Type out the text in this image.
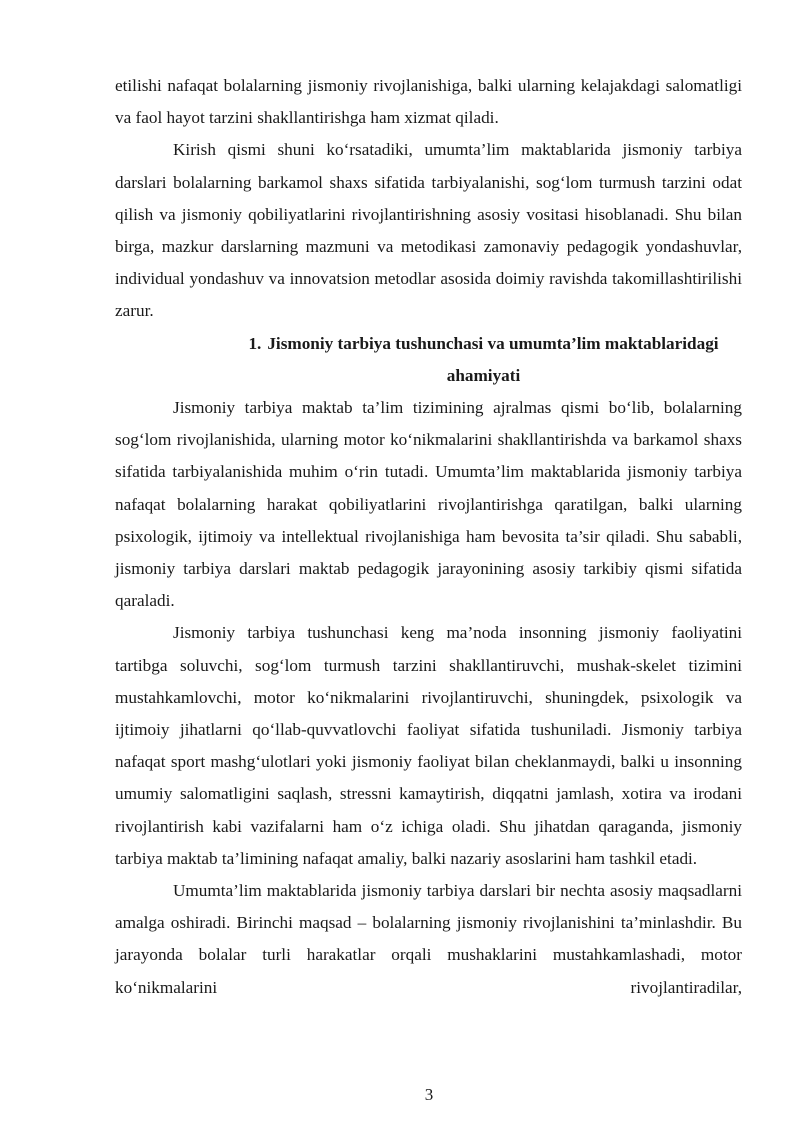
etilishi nafaqat bolalarning jismoniy rivojlanishiga, balki ularning kelajakdagi salomatligi va faol hayot tarzini shakllantirishga ham xizmat qiladi.

Kirish qismi shuni ko‘rsatadiki, umumta’lim maktablarida jismoniy tarbiya darslari bolalarning barkamol shaxs sifatida tarbiyalanishi, sog‘lom turmush tarzini odat qilish va jismoniy qobiliyatlarini rivojlantirishning asosiy vositasi hisoblanadi. Shu bilan birga, mazkur darslarning mazmuni va metodikasi zamonaviy pedagogik yondashuvlar, individual yondashuv va innovatsion metodlar asosida doimiy ravishda takomillashtirilishi zarur.

1. Jismoniy tarbiya tushunchasi va umumta’lim maktablaridagi ahamiyati

Jismoniy tarbiya maktab ta’lim tizimining ajralmas qismi bo‘lib, bolalarning sog‘lom rivojlanishida, ularning motor ko‘nikmalarini shakllantirishda va barkamol shaxs sifatida tarbiyalanishida muhim o‘rin tutadi. Umumta’lim maktablarida jismoniy tarbiya nafaqat bolalarning harakat qobiliyatlarini rivojlantirishga qaratilgan, balki ularning psixologik, ijtimoiy va intellektual rivojlanishiga ham bevosita ta’sir qiladi. Shu sababli, jismoniy tarbiya darslari maktab pedagogik jarayonining asosiy tarkibiy qismi sifatida qaraladi.

Jismoniy tarbiya tushunchasi keng ma’noda insonning jismoniy faoliyatini tartibga soluvchi, sog‘lom turmush tarzini shakllantiruvchi, mushak-skelet tizimini mustahkamlovchi, motor ko‘nikmalarini rivojlantiruvchi, shuningdek, psixologik va ijtimoiy jihatlarni qo‘llab-quvvatlovchi faoliyat sifatida tushuniladi. Jismoniy tarbiya nafaqat sport mashg‘ulotlari yoki jismoniy faoliyat bilan cheklanmaydi, balki u insonning umumiy salomatligini saqlash, stressni kamaytirish, diqqatni jamlash, xotira va irodani rivojlantirish kabi vazifalarni ham o‘z ichiga oladi. Shu jihatdan qaraganda, jismoniy tarbiya maktab ta’limining nafaqat amaliy, balki nazariy asoslarini ham tashkil etadi.

Umumta’lim maktablarida jismoniy tarbiya darslari bir nechta asosiy maqsadlarni amalga oshiradi. Birinchi maqsad – bolalarning jismoniy rivojlanishini ta’minlashdir. Bu jarayonda bolalar turli harakatlar orqali mushaklarini mustahkamlashadi, motor ko‘nikmalarini rivojlantiradilar,

3
